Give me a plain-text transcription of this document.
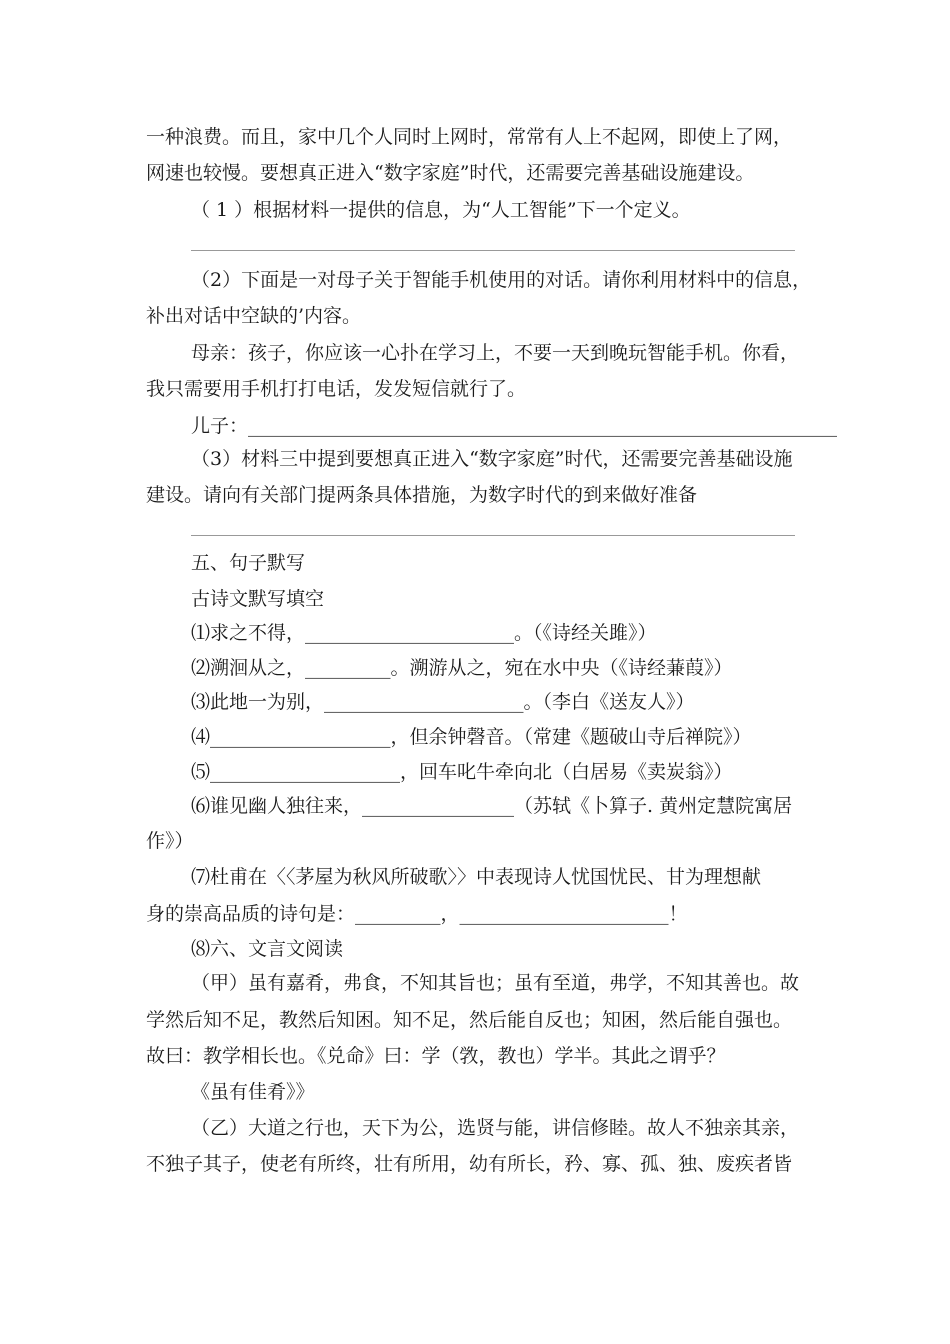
一种浪费。而且，家中几个人同时上网时，常常有人上不起网，即使上了网，
网速也较慢。要想真正进入“数字家庭”时代，还需要完善基础设施建设。
（ 1 ）根据材料一提供的信息，为“人工智能”下一个定义。
（2）下面是一对母子关于智能手机使用的对话。请你利用材料中的信息，
补出对话中空缺的’内容。
母亲：孩子，你应该一心扑在学习上，不要一天到晚玩智能手机。你看，
我只需要用手机打打电话，发发短信就行了。
儿子：______________________________________________________________
（3）材料三中提到要想真正进入“数字家庭”时代，还需要完善基础设施
建设。请向有关部门提两条具体措施，为数字时代的到来做好准备
五、句子默写
古诗文默写填空
⑴求之不得，______________________。（《诗经关雎》）
⑵溯洄从之，_________。溯游从之，宛在水中央（《诗经蒹葭》）
⑶此地一为别，_____________________。（李白《送友人》）
⑷___________________，但余钟磬音。（常建《题破山寺后禅院》）
⑸____________________，回车叱牛牵向北（白居易《卖炭翁》）
⑹谁见幽人独往来，________________（苏轼《卜算子. 黄州定慧院寓居
作》）
⑺杜甫在〈〈茅屋为秋风所破歌〉〉中表现诗人忧国忧民、甘为理想献
身的崇高品质的诗句是：_________，______________________！
⑻六、文言文阅读
（甲）虽有嘉肴，弗食，不知其旨也；虽有至道，弗学，不知其善也。故
学然后知不足，教然后知困。知不足，然后能自反也；知困，然后能自强也。
故曰：教学相长也。《兑命》曰：学（敩，教也）学半。其此之谓乎？
《虽有佳肴》》
（乙）大道之行也，天下为公，选贤与能，讲信修睦。故人不独亲其亲，
不独子其子，使老有所终，壮有所用，幼有所长，矜、寡、孤、独、废疾者皆
